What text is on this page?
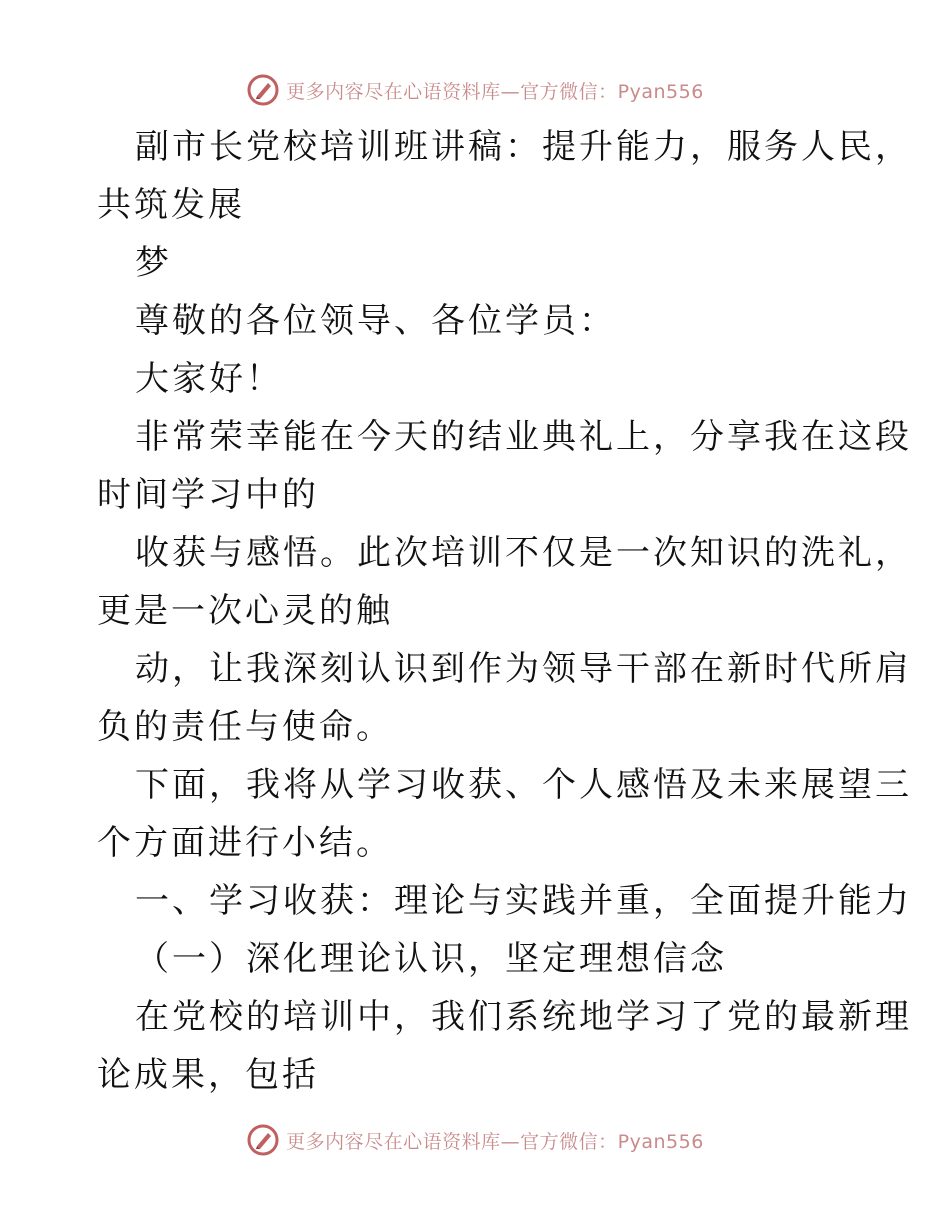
更多内容尽在心语资料库—官方微信：Pyan556

副市长党校培训班讲稿：提升能力，服务人民，
共筑发展

梦

尊敬的各位领导、各位学员：

大家好！

非常荣幸能在今天的结业典礼上，分享我在这段
时间学习中的

收获与感悟。此次培训不仅是一次知识的洗礼，
更是一次心灵的触

动，让我深刻认识到作为领导干部在新时代所肩
负的责任与使命。

下面，我将从学习收获、个人感悟及未来展望三
个方面进行小结。

一、学习收获：理论与实践并重，全面提升能力

（一）深化理论认识，坚定理想信念

在党校的培训中，我们系统地学习了党的最新理
论成果，包括

更多内容尽在心语资料库—官方微信：Pyan556
